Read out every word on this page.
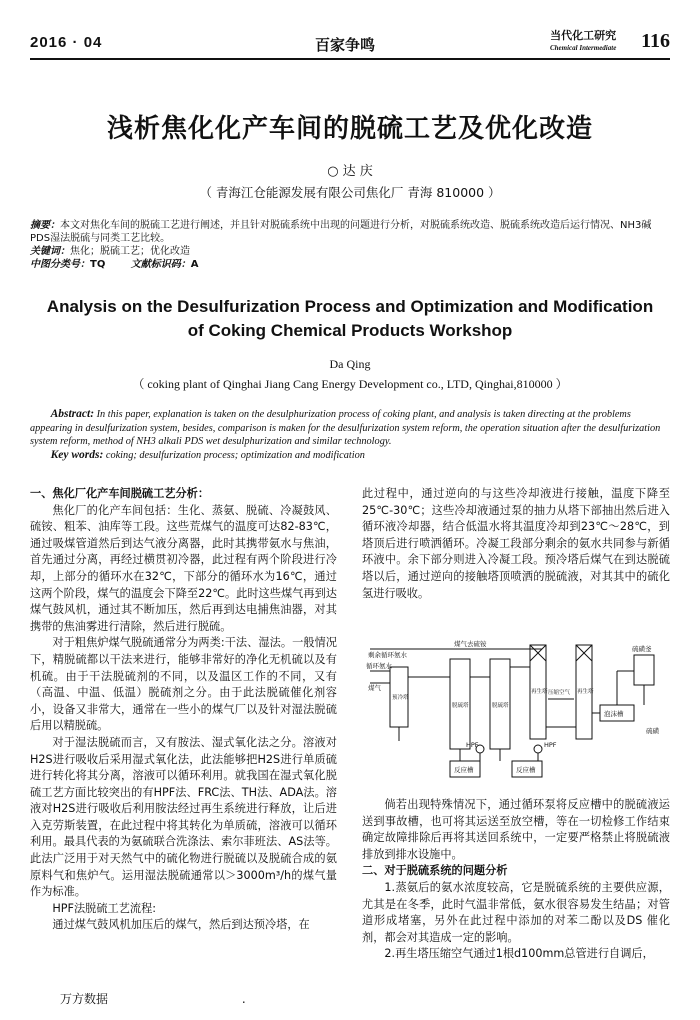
2016 · 04	百家争鸣
当代化工研究
Chemical Intermediate 116
浅析焦化化产车间的脱硫工艺及优化改造
○ 达 庆
（ 青海江仓能源发展有限公司焦化厂 青海 810000 ）

摘要：本文对焦化车间的脱硫工艺进行阐述，并且针对脱硫系统中出现的问题进行分析，对脱硫系统改造、脱硫系统改造后运行情况、NH3碱PDS湿法脱硫与同类工艺比较。

关键词：焦化；脱硫工艺；优化改造

中图分类号：TQ	文献标识码：A

Analysis on the Desulfurization Process and Optimization and Modification of Coking Chemical Products Workshop
Da Qing
（ coking plant of Qinghai Jiang Cang Energy Development co., LTD, Qinghai,810000 ）

Abstract: In this paper, explanation is taken on the desulphurization process of coking plant, and analysis is taken directing at the problems appearing in desulfurization system, besides, comparison is maken for the desulfurization system reform, the operation situation after the desulfurization system reform, method of NH3 alkali PDS wet desulphurization and similar technology.

Key words: coking; desulfurization process; optimization and modification

一、焦化厂化产车间脱硫工艺分析：

焦化厂的化产车间包括：生化、蒸氨、脱硫、冷凝鼓风、硫铵、粗苯、油库等工段。这些荒煤气的温度可达82-83℃，通过吸煤管道然后到达气液分离器，此时其携带氨水与焦油，首先通过分离，再经过横贯初冷器，此过程有两个阶段进行冷却，上部分的循环水在32℃，下部分的循环水为16℃，通过这两个阶段，煤气的温度会下降至22℃。此时这些煤气再到达煤气鼓风机，通过其不断加压，然后再到达电捕焦油器，对其携带的焦油雾进行清除，然后进行脱硫。

对于粗焦炉煤气脱硫通常分为两类:干法、湿法。一般情况下，精脱硫都以干法来进行，能够非常好的净化无机硫以及有机硫。由于干法脱硫剂的不同，以及温区工作的不同，又有（高温、中温、低温）脱硫剂之分。由于此法脱硫催化剂容小，设备又非常大，通常在一些小的煤气厂以及针对湿法脱硫后用以精脱硫。

对于湿法脱硫而言，又有胺法、湿式氧化法之分。溶液对H2S进行吸收后采用湿式氧化法，此法能够把H2S进行单质硫进行转化将其分离，溶液可以循环利用。就我国在湿式氧化脱硫工艺方面比较突出的有HPF法、FRC法、TH法、ADA法。溶液对H2S进行吸收后利用胺法经过再生系统进行释放，让后进入克劳斯装置，在此过程中将其转化为单质硫，溶液可以循环利用。最具代表的为氨硫联合洗涤法、索尔菲班法、AS法等。此法广泛用于对天然气中的硫化物进行脱硫以及脱硫合成的氨原料气和焦炉气。运用湿法脱硫通常以＞3000m³/h的煤气量作为标准。

HPF法脱硫工艺流程:

通过煤气鼓风机加压后的煤气，然后到达预冷塔，在

此过程中，通过逆向的与这些冷却液进行接触，温度下降至25℃-30℃；这些冷却液通过泵的抽力从塔下部抽出然后进入循环液冷却器，结合低温水将其温度冷却到23℃～28℃，到塔顶后进行喷洒循环。冷凝工段部分剩余的氨水共同参与新循环液中。余下部分则进入冷凝工段。预冷塔后煤气在到达脱硫塔以后，通过逆向的接触塔顶喷洒的脱硫液，对其其中的硫化氢进行吸收。

煤气去硫铵
剩余循环氨水
循环氨水
煤气
预冷塔
脱硫塔	脱硫塔
再生塔 压缩空气 再生塔
硫磺釜
泡沫槽
硫磺
HPF	HPF
反应槽	反应槽

倘若出现特殊情况下，通过循环泵将反应槽中的脱硫液运送到事故槽，也可将其运送至放空槽，等在一切检修工作结束确定故障排除后再将其送回系统中，一定要严格禁止将脱硫液排放到排水设施中。

二、对于脱硫系统的问题分析

1.蒸氨后的氨水浓度较高，它是脱硫系统的主要供应源，尤其是在冬季，此时气温非常低，氨水很容易发生结晶；对管道形成堵塞，另外在此过程中添加的对苯二酚以及DS 催化剂，都会对其造成一定的影响。

2.再生塔压缩空气通过1根d100mm总管进行自调后，

万方数据	.
